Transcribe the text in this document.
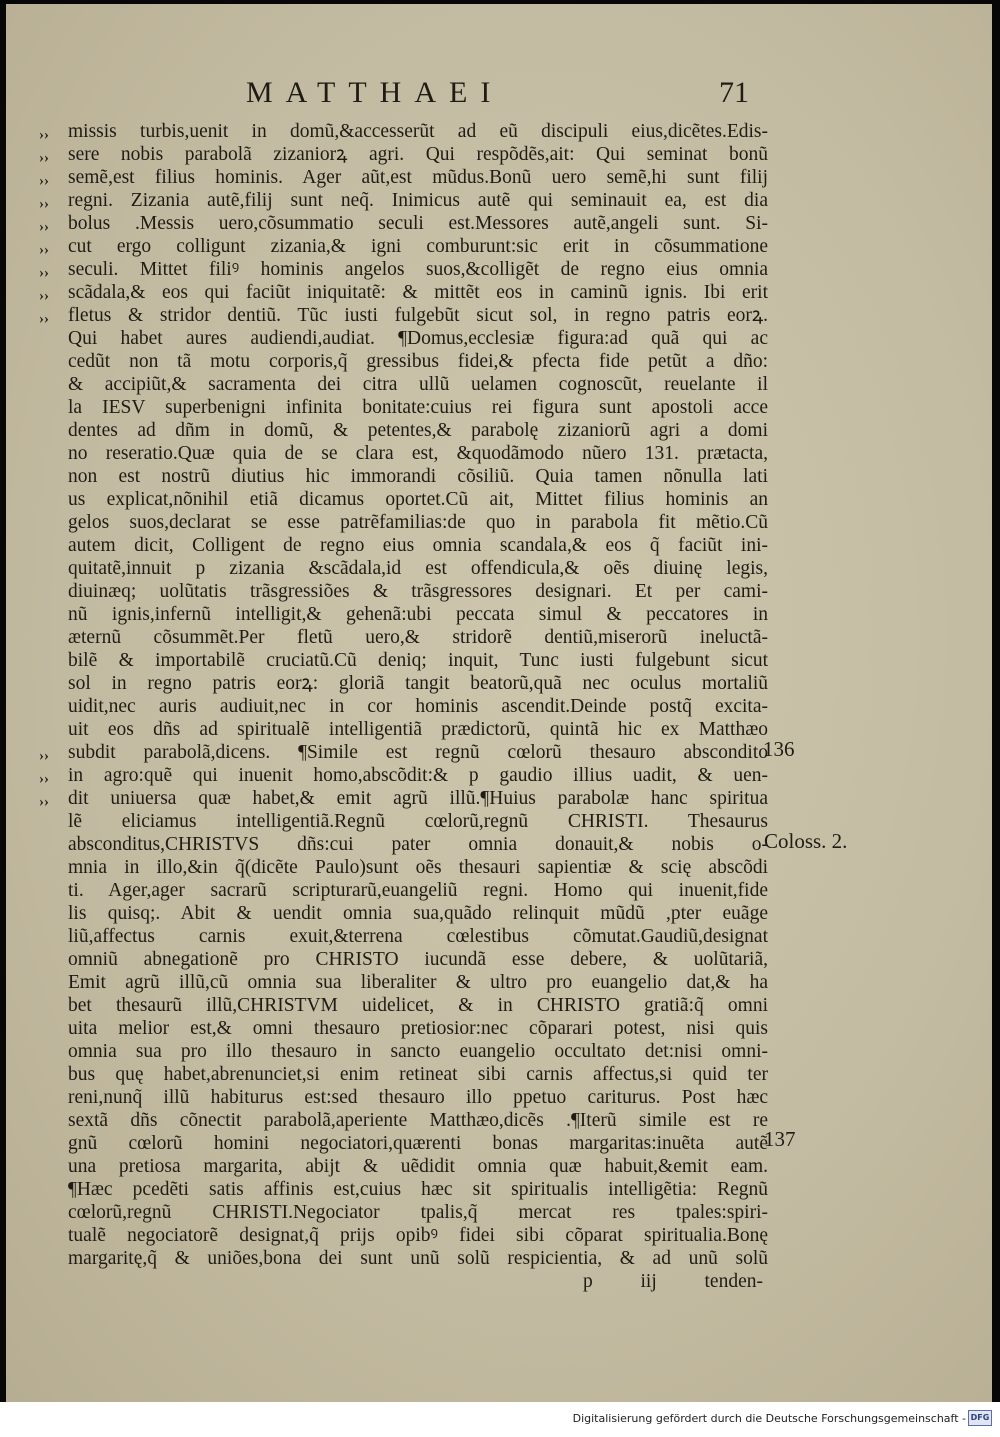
MATTHAEI	71
missis turbis,uenit in domũ,&accesserũt ad eũ discipuli eius,dicẽtes.Edis-
sere nobis parabolã zizaniorꝝ agri. Qui respõdẽs,ait: Qui seminat bonũ
semẽ,est filius hominis. Ager aũt,est mũdus.Bonũ uero semẽ,hi sunt filij
regni. Zizania autẽ,filij sunt neq̃. Inimicus autẽ qui seminauit ea, est dia
bolus .Messis uero,cõsummatio seculi est.Messores autẽ,angeli sunt. Si-
cut ergo colligunt zizania,& igni comburunt:sic erit in cõsummatione
seculi. Mittet filiꝰ hominis angelos suos,&colligẽt de regno eius omnia
scãdala,& eos qui faciũt iniquitatẽ: & mittẽt eos in caminũ ignis. Ibi erit
fletus & stridor dentiũ. Tũc iusti fulgebũt sicut sol, in regno patris eorꝝ.
Qui habet aures audiendi,audiat. ¶Domus,ecclesiæ figura:ad quã qui ac
cedũt non tã motu corporis,q̃ gressibus fidei,& pfecta fide petũt a dño:
& accipiũt,& sacramenta dei citra ullũ uelamen cognoscũt, reuelante il
la IESV superbenigni infinita bonitate:cuius rei figura sunt apostoli acce
dentes ad dñm in domũ, & petentes,& parabolę zizaniorũ agri a domi
no reseratio.Quæ quia de se clara est, &quodãmodo nũero 131. prætacta,
non est nostrũ diutius hic immorandi cõsiliũ. Quia tamen nõnulla lati
us explicat,nõnihil etiã dicamus oportet.Cũ ait, Mittet filius hominis an
gelos suos,declarat se esse patrẽfamilias:de quo in parabola fit mẽtio.Cũ
autem dicit, Colligent de regno eius omnia scandala,& eos q̃ faciũt ini-
quitatẽ,innuit p zizania &scãdala,id est offendicula,& oẽs diuinę legis,
diuinæq; uolũtatis trãsgressiões & trãsgressores designari. Et per cami-
nũ ignis,infernũ intelligit,& gehenã:ubi peccata simul & peccatores in
æternũ cõsummẽt.Per fletũ uero,& stridorẽ dentiũ,miserorũ ineluctã-
bilẽ & importabilẽ cruciatũ.Cũ deniq; inquit, Tunc iusti fulgebunt sicut
sol in regno patris eorꝝ: gloriã tangit beatorũ,quã nec oculus mortaliũ
uidit,nec auris audiuit,nec in cor hominis ascendit.Deinde postq̃ excita-
uit eos dñs ad spiritualẽ intelligentiã prædictorũ, quintã hic ex Matthæo
subdit parabolã,dicens. ¶Simile est regnũ cœlorũ thesauro abscondito
in agro:quẽ qui inuenit homo,abscõdit:& p gaudio illius uadit, & uen-
dit uniuersa quæ habet,& emit agrũ illũ.¶Huius parabolæ hanc spiritua
lẽ eliciamus intelligentiã.Regnũ cœlorũ,regnũ CHRISTI. Thesaurus
absconditus,CHRISTVS dñs:cui pater omnia donauit,& nobis o-
mnia in illo,&in q̃(dicẽte Paulo)sunt oẽs thesauri sapientiæ & scię abscõdi
ti. Ager,ager sacrarũ scripturarũ,euangeliũ regni. Homo qui inuenit,fide
lis quisq;. Abit & uendit omnia sua,quãdo relinquit mũdũ ,pter euãge
liũ,affectus carnis exuit,&terrena cœlestibus cõmutat.Gaudiũ,designat
omniũ abnegationẽ pro CHRISTO iucundã esse debere, & uolũtariã,
Emit agrũ illũ,cũ omnia sua liberaliter & ultro pro euangelio dat,& ha
bet thesaurũ illũ,CHRISTVM uidelicet, & in CHRISTO gratiã:q̃ omni
uita melior est,& omni thesauro pretiosior:nec cõparari potest, nisi quis
omnia sua pro illo thesauro in sancto euangelio occultato det:nisi omni-
bus quę habet,abrenunciet,si enim retineat sibi carnis affectus,si quid ter
reni,nunq̃ illũ habiturus est:sed thesauro illo ppetuo cariturus. Post hæc
sextã dñs cõnectit parabolã,aperiente Matthæo,dicẽs .¶Iterũ simile est re
gnũ cœlorũ homini negociatori,quærenti bonas margaritas:inuẽta autẽ
una pretiosa margarita, abijt & uẽdidit omnia quæ habuit,&emit eam.
¶Hæc pcedẽti satis affinis est,cuius hæc sit spiritualis intelligẽtia: Regnũ
cœlorũ,regnũ CHRISTI.Negociator tpalis,q̃ mercat res tpales:spiri-
tualẽ negociatorẽ designat,q̃ prijs opibꝰ fidei sibi cõparat spiritualia.Bonę
margaritę,q̃ & uniões,bona dei sunt unũ solũ respicientia, & ad unũ solũ
p iij tenden-
››
››
››
››
››
››
››
››
››
››
››
››
136
Coloss. 2.
137
Digitalisierung gefördert durch die Deutsche Forschungsgemeinschaft - DFG
